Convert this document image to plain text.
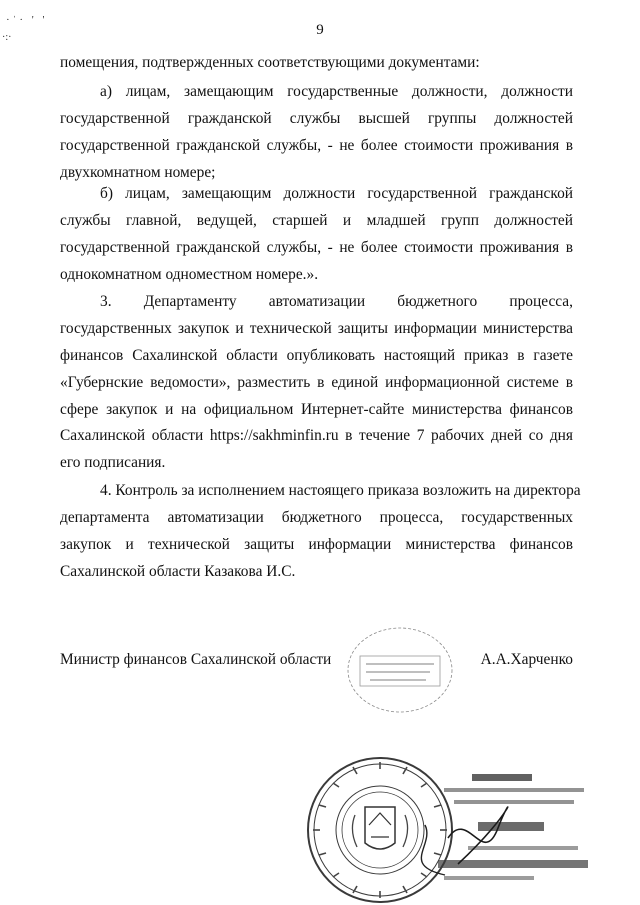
·ˈ· ' '
·:·	9
помещения, подтвержденных соответствующими документами:
а) лицам, замещающим государственные должности, должности
государственной гражданской службы высшей группы должностей
государственной гражданской службы, - не более стоимости проживания в
двухкомнатном номере;
б) лицам, замещающим должности государственной гражданской
службы главной, ведущей, старшей и младшей групп должностей
государственной гражданской службы, - не более стоимости проживания в
однокомнатном одноместном номере.».
3. Департаменту автоматизации бюджетного процесса,
государственных закупок и технической защиты информации министерства
финансов Сахалинской области опубликовать настоящий приказ в газете
«Губернские ведомости», разместить в единой информационной системе в
сфере закупок и на официальном Интернет-сайте министерства финансов
Сахалинской области https://sakhminfin.ru в течение 7 рабочих дней со дня
его подписания.
4. Контроль за исполнением настоящего приказа возложить на директора
департамента автоматизации бюджетного процесса, государственных
закупок и технической защиты информации министерства финансов
Сахалинской области Казакова И.С.
Министр финансов Сахалинской области	А.А.Харченко
